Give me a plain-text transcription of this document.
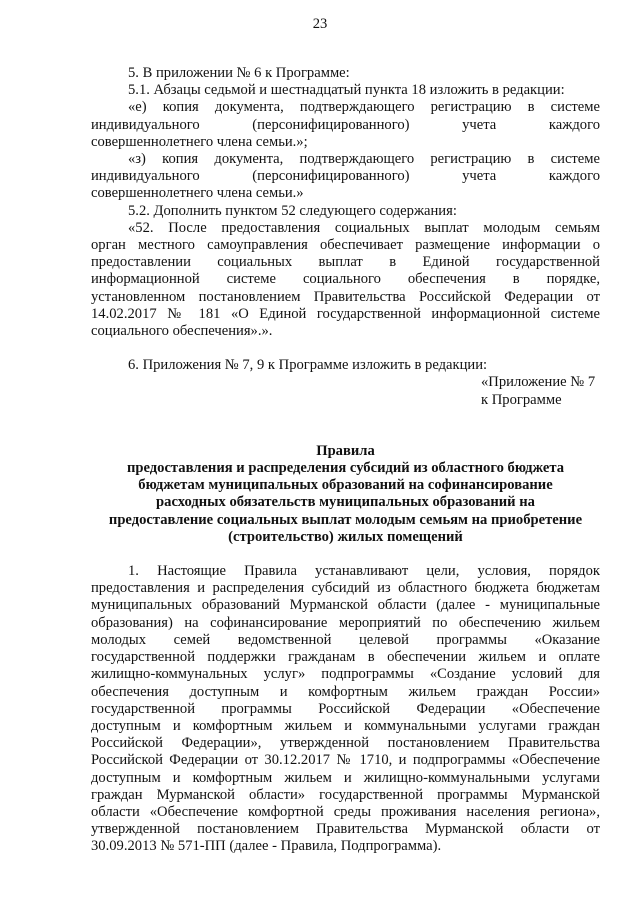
23

5. В приложении № 6 к Программе:

5.1. Абзацы седьмой и шестнадцатый пункта 18 изложить в редакции:

«е) копия документа, подтверждающего регистрацию в системе

индивидуального (персонифицированного) учета каждого

совершеннолетнего члена семьи.»;

«з) копия документа, подтверждающего регистрацию в системе

индивидуального (персонифицированного) учета каждого

совершеннолетнего члена семьи.»

5.2. Дополнить пунктом 52 следующего содержания:

«52. После предоставления социальных выплат молодым семьям

орган местного самоуправления обеспечивает размещение информации о

предоставлении социальных выплат в Единой государственной

информационной системе социального обеспечения в порядке,

установленном постановлением Правительства Российской Федерации от

14.02.2017 № 181 «О Единой государственной информационной системе

социального обеспечения».».

6. Приложения № 7, 9 к Программе изложить в редакции:

«Приложение № 7

к Программе

Правила

предоставления и распределения субсидий из областного бюджета

бюджетам муниципальных образований на софинансирование

расходных обязательств муниципальных образований на

предоставление социальных выплат молодым семьям на приобретение

(строительство) жилых помещений

1. Настоящие Правила устанавливают цели, условия, порядок

предоставления и распределения субсидий из областного бюджета бюджетам

муниципальных образований Мурманской области (далее - муниципальные

образования) на софинансирование мероприятий по обеспечению жильем

молодых семей ведомственной целевой программы «Оказание

государственной поддержки гражданам в обеспечении жильем и оплате

жилищно-коммунальных услуг» подпрограммы «Создание условий для

обеспечения доступным и комфортным жильем граждан России»

государственной программы Российской Федерации «Обеспечение

доступным и комфортным жильем и коммунальными услугами граждан

Российской Федерации», утвержденной постановлением Правительства

Российской Федерации от 30.12.2017 № 1710, и подпрограммы «Обеспечение

доступным и комфортным жильем и жилищно-коммунальными услугами

граждан Мурманской области» государственной программы Мурманской

области «Обеспечение комфортной среды проживания населения региона»,

утвержденной постановлением Правительства Мурманской области от

30.09.2013 № 571-ПП (далее - Правила, Подпрограмма).
